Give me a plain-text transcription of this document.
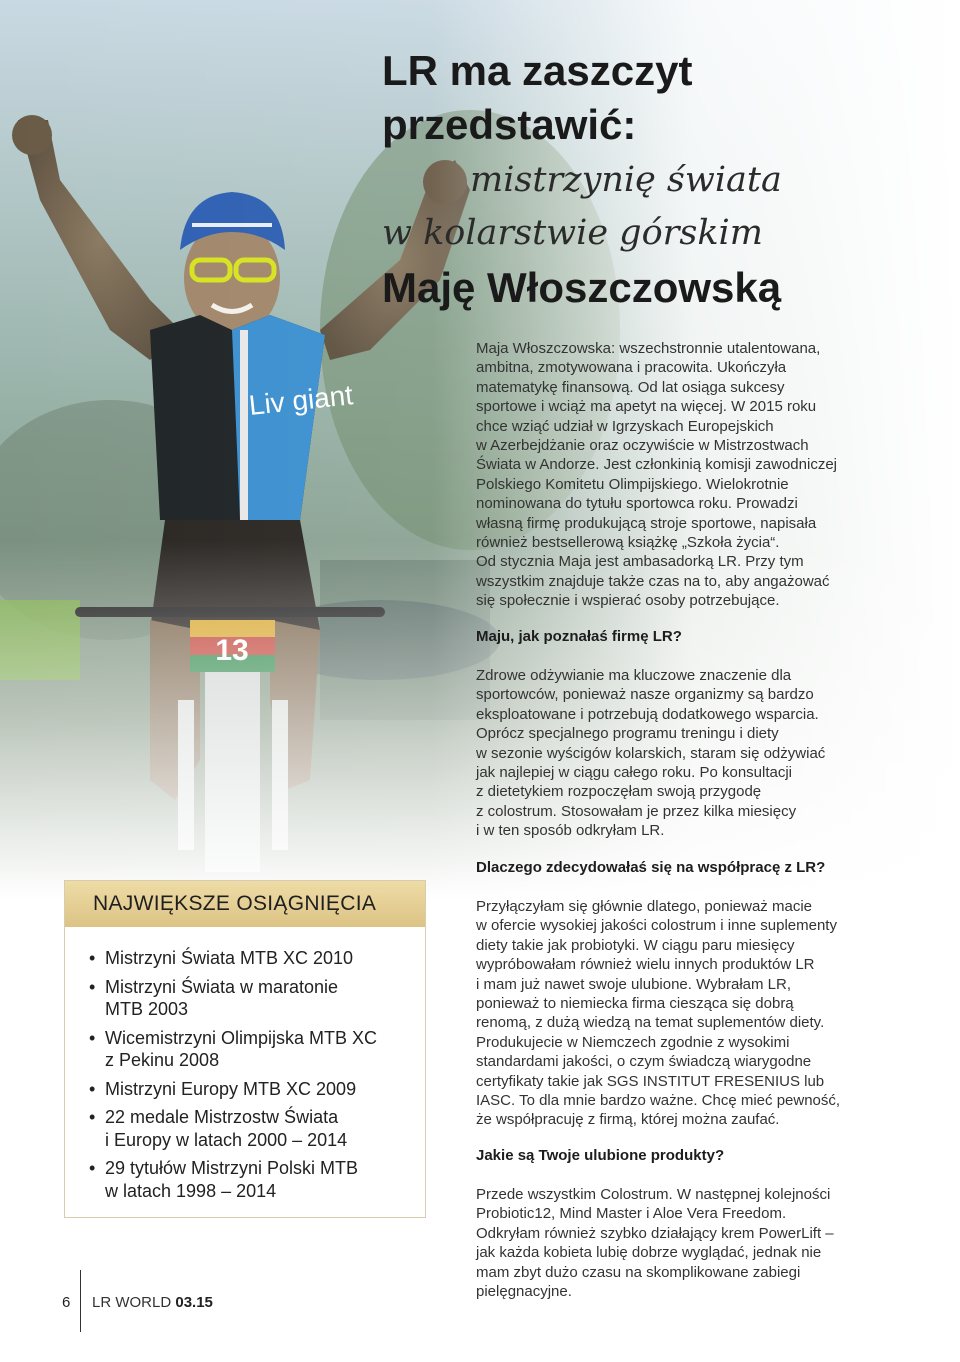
LR ma zaszczyt
przedstawić:
mistrzynię świata
w kolarstwie górskim
Maję Włoszczowską

Maja Włoszczowska: wszechstronnie utalentowana,

ambitna, zmotywowana i pracowita. Ukończyła

matematykę finansową. Od lat osiąga sukcesy

sportowe i wciąż ma apetyt na więcej. W 2015 roku

chce wziąć udział w Igrzyskach Europejskich

w Azerbejdżanie oraz oczywiście w Mistrzostwach

Świata w Andorze. Jest członkinią komisji zawodniczej

Polskiego Komitetu Olimpijskiego. Wielokrotnie

nominowana do tytułu sportowca roku. Prowadzi

własną firmę produkującą stroje sportowe, napisała

również bestsellerową książkę „Szkoła życia“.

Od stycznia Maja jest ambasadorką LR. Przy tym

wszystkim znajduje także czas na to, aby angażować

się społecznie i wspierać osoby potrzebujące.

Maju, jak poznałaś firmę LR?

Zdrowe odżywianie ma kluczowe znaczenie dla

sportowców, ponieważ nasze organizmy są bardzo

eksploatowane i potrzebują dodatkowego wsparcia.

Oprócz specjalnego programu treningu i diety

w sezonie wyścigów kolarskich, staram się odżywiać

jak najlepiej w ciągu całego roku. Po konsultacji

z dietetykiem rozpoczęłam swoją przygodę

z colostrum. Stosowałam je przez kilka miesięcy

i w ten sposób odkryłam LR.

Dlaczego zdecydowałaś się na współpracę z LR?

Przyłączyłam się głównie dlatego, ponieważ macie

w ofercie wysokiej jakości colostrum i inne suplementy

diety takie jak probiotyki. W ciągu paru miesięcy

wypróbowałam również wielu innych produktów LR

i mam już nawet swoje ulubione. Wybrałam LR,

ponieważ to niemiecka firma ciesząca się dobrą

renomą, z dużą wiedzą na temat suplementów diety.

Produkujecie w Niemczech zgodnie z wysokimi

standardami jakości, o czym świadczą wiarygodne

certyfikaty takie jak SGS INSTITUT FRESENIUS lub

IASC. To dla mnie bardzo ważne. Chcę mieć pewność,

że współpracuję z firmą, której można zaufać.

Jakie są Twoje ulubione produkty?

Przede wszystkim Colostrum. W następnej kolejności

Probiotic12, Mind Master i Aloe Vera Freedom.

Odkryłam również szybko działający krem PowerLift –

jak każda kobieta lubię dobrze wyglądać, jednak nie

mam zbyt dużo czasu na skomplikowane zabiegi

pielęgnacyjne.

NAJWIĘKSZE OSIĄGNIĘCIA
• Mistrzyni Świata MTB XC 2010
• Mistrzyni Świata w maratonie
MTB 2003
• Wicemistrzyni Olimpijska MTB XC
z Pekinu 2008
• Mistrzyni Europy MTB XC 2009
• 22 medale Mistrzostw Świata
i Europy w latach 2000 – 2014
• 29 tytułów Mistrzyni Polski MTB
w latach 1998 – 2014
6 LR WORLD 03.15
